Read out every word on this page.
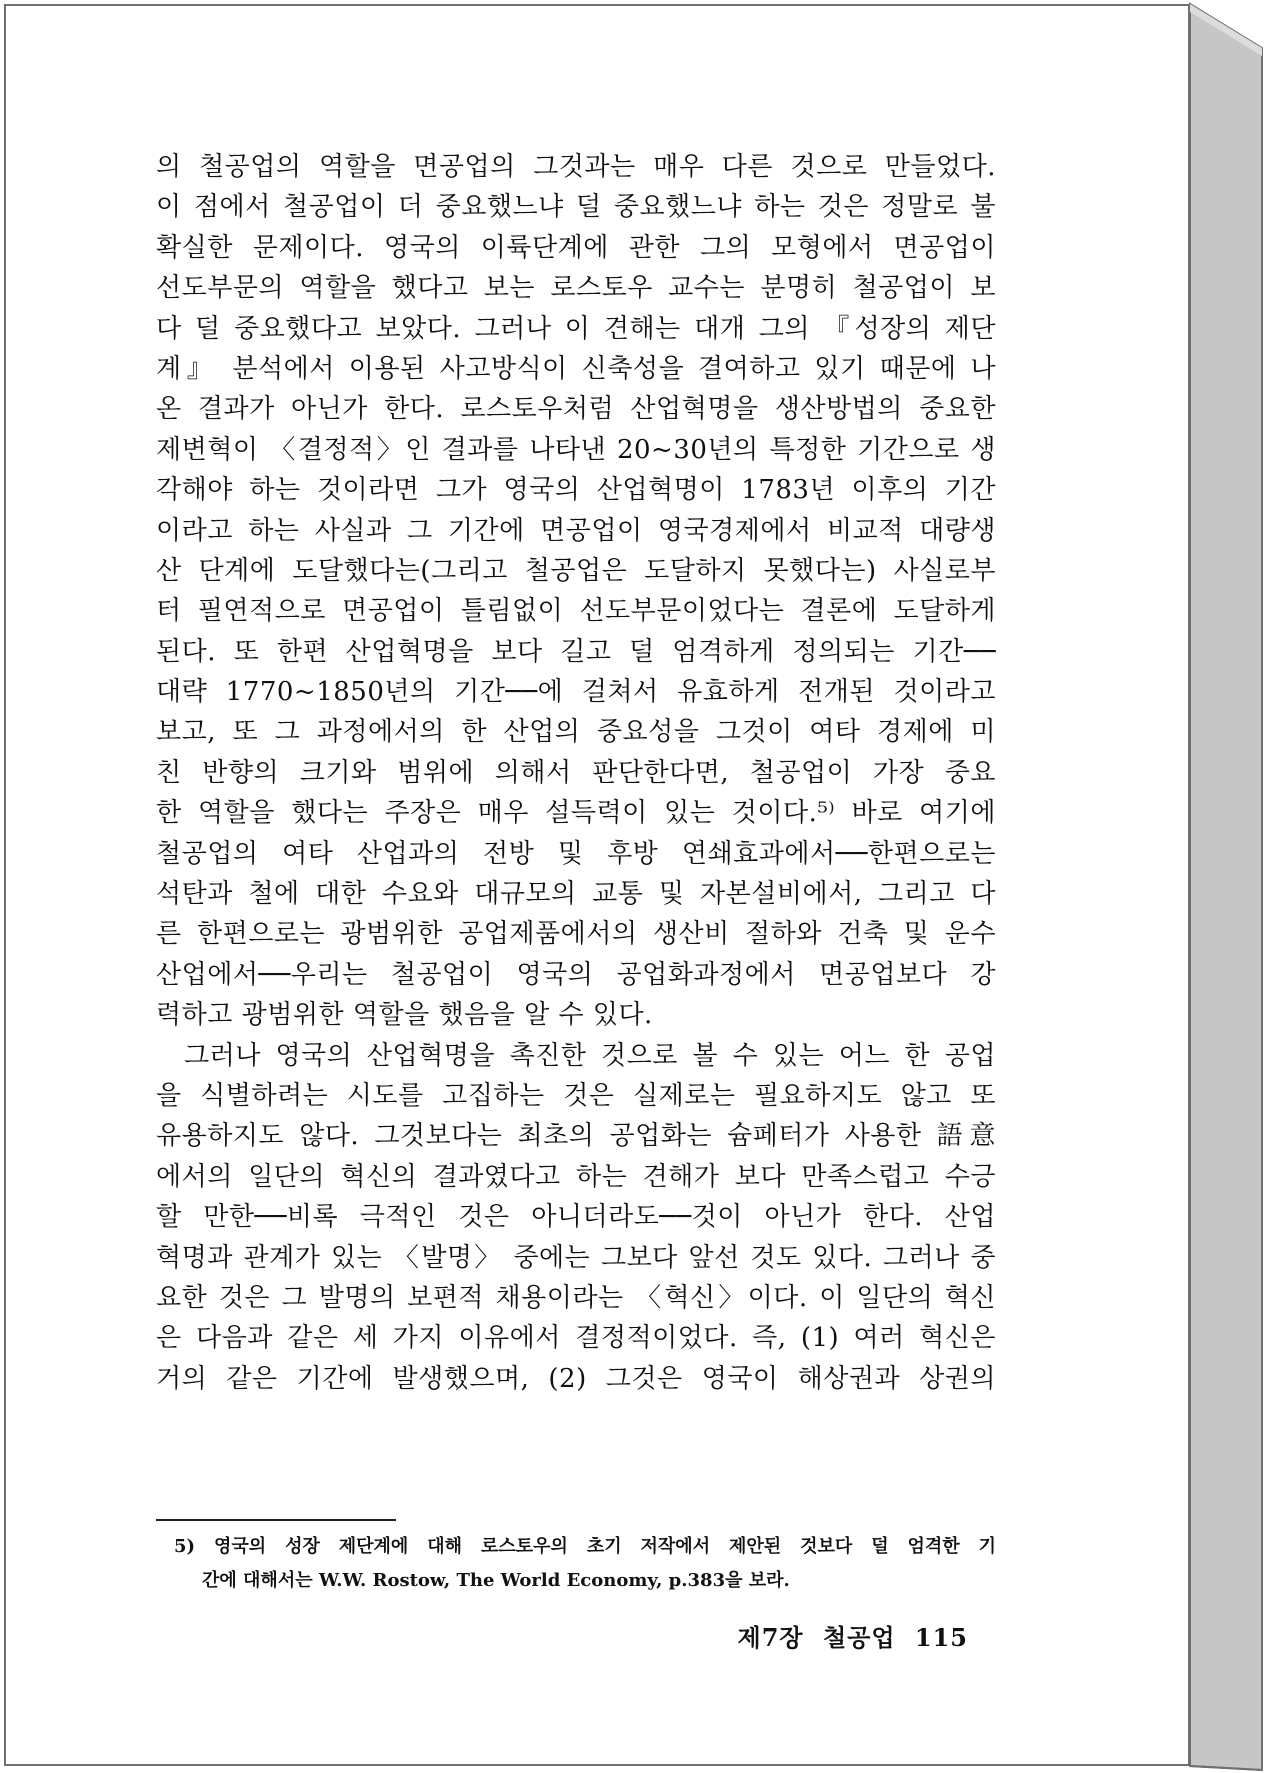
의 철공업의 역할을 면공업의 그것과는 매우 다른 것으로 만들었다.
이 점에서 철공업이 더 중요했느냐 덜 중요했느냐 하는 것은 정말로 불
확실한 문제이다. 영국의 이륙단계에 관한 그의 모형에서 면공업이
선도부문의 역할을 했다고 보는 로스토우 교수는 분명히 철공업이 보
다 덜 중요했다고 보았다. 그러나 이 견해는 대개 그의 『성장의 제단
계』 분석에서 이용된 사고방식이 신축성을 결여하고 있기 때문에 나
온 결과가 아닌가 한다. 로스토우처럼 산업혁명을 생산방법의 중요한
제변혁이 〈결정적〉인 결과를 나타낸 20~30년의 특정한 기간으로 생
각해야 하는 것이라면 그가 영국의 산업혁명이 1783년 이후의 기간
이라고 하는 사실과 그 기간에 면공업이 영국경제에서 비교적 대량생
산 단계에 도달했다는(그리고 철공업은 도달하지 못했다는) 사실로부
터 필연적으로 면공업이 틀림없이 선도부문이었다는 결론에 도달하게
된다. 또 한편 산업혁명을 보다 길고 덜 엄격하게 정의되는 기간──
대략 1770~1850년의 기간──에 걸쳐서 유효하게 전개된 것이라고
보고, 또 그 과정에서의 한 산업의 중요성을 그것이 여타 경제에 미
친 반향의 크기와 범위에 의해서 판단한다면, 철공업이 가장 중요
한 역할을 했다는 주장은 매우 설득력이 있는 것이다.⁵⁾ 바로 여기에
철공업의 여타 산업과의 전방 및 후방 연쇄효과에서──한편으로는
석탄과 철에 대한 수요와 대규모의 교통 및 자본설비에서, 그리고 다
른 한편으로는 광범위한 공업제품에서의 생산비 절하와 건축 및 운수
산업에서──우리는 철공업이 영국의 공업화과정에서 면공업보다 강
력하고 광범위한 역할을 했음을 알 수 있다.
그러나 영국의 산업혁명을 촉진한 것으로 볼 수 있는 어느 한 공업
을 식별하려는 시도를 고집하는 것은 실제로는 필요하지도 않고 또
유용하지도 않다. 그것보다는 최초의 공업화는 슘페터가 사용한 語意
에서의 일단의 혁신의 결과였다고 하는 견해가 보다 만족스럽고 수긍
할 만한──비록 극적인 것은 아니더라도──것이 아닌가 한다. 산업
혁명과 관계가 있는 〈발명〉 중에는 그보다 앞선 것도 있다. 그러나 중
요한 것은 그 발명의 보편적 채용이라는 〈혁신〉이다. 이 일단의 혁신
은 다음과 같은 세 가지 이유에서 결정적이었다. 즉, (1) 여러 혁신은
거의 같은 기간에 발생했으며, (2) 그것은 영국이 해상권과 상권의
5) 영국의 성장 제단계에 대해 로스토우의 초기 저작에서 제안된 것보다 덜 엄격한 기
간에 대해서는 W.W. Rostow, The World Economy, p.383을 보라.
제7장 철공업 115
